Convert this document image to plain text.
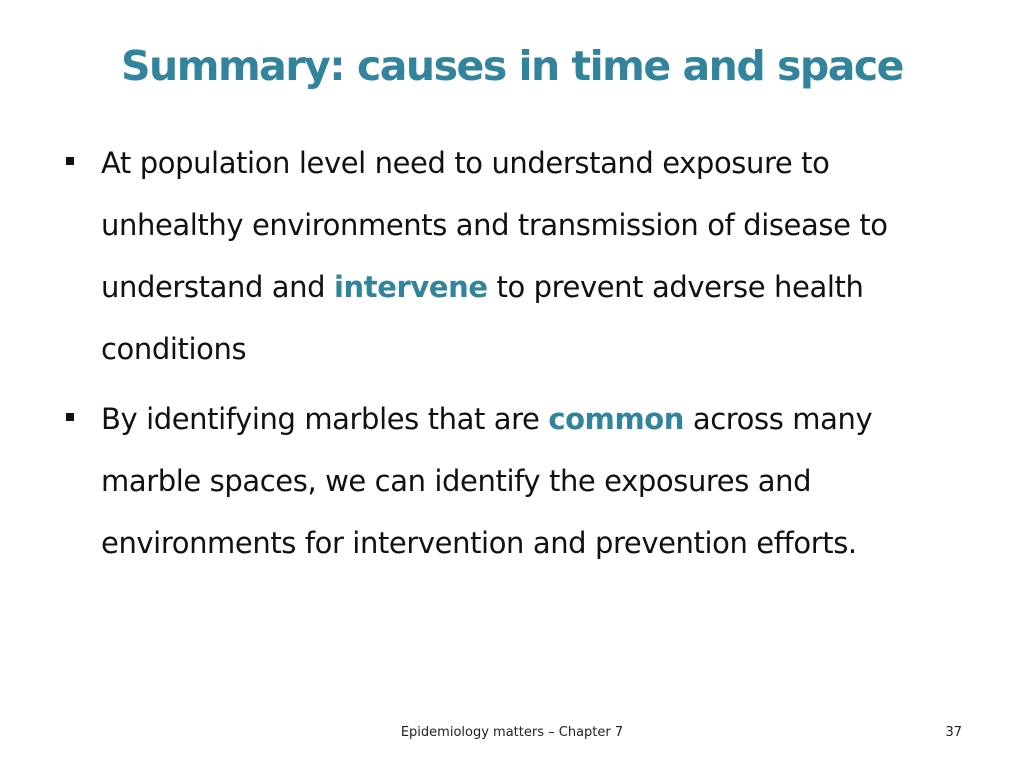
Summary: causes in time and space
At population level need to understand exposure to unhealthy environments and transmission of disease to understand and intervene to prevent adverse health conditions
By identifying marbles that are common across many marble spaces, we can identify the exposures and environments for intervention and prevention efforts.
Epidemiology matters – Chapter 7	37
